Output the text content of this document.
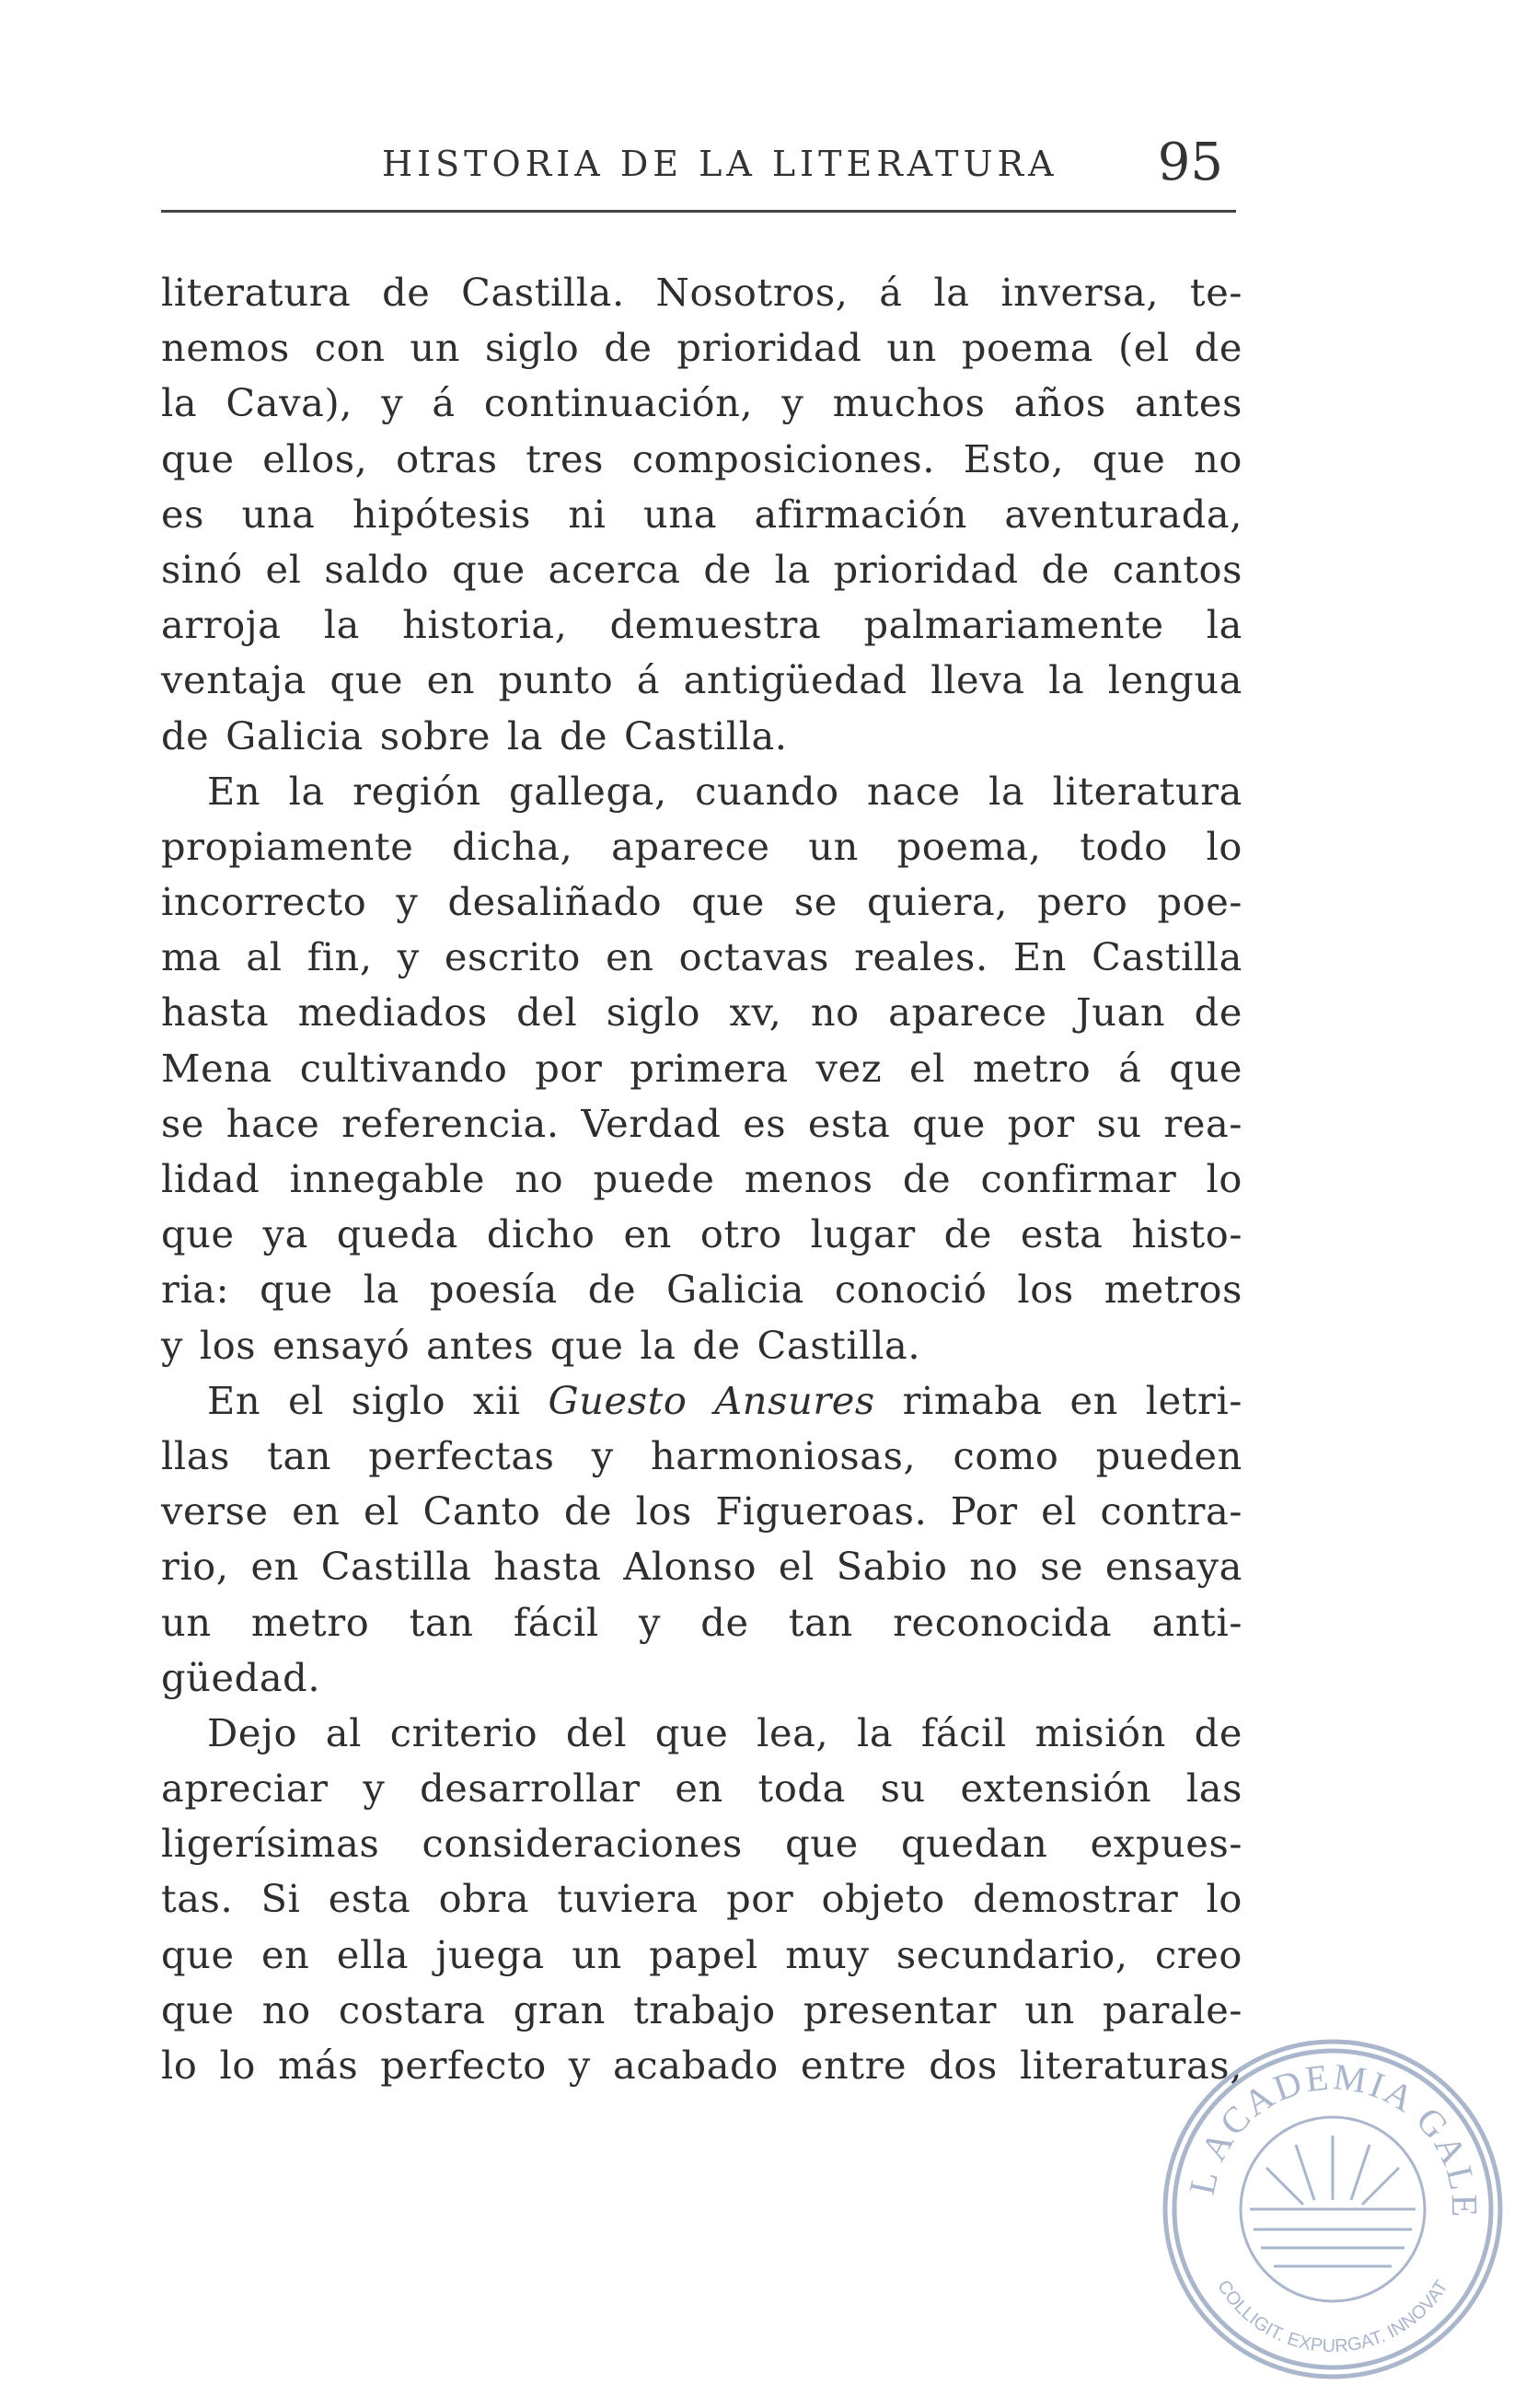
HISTORIA DE LA LITERATURA 95
literatura de Castilla. Nosotros, á la inversa, te-
nemos con un siglo de prioridad un poema (el de
la Cava), y á continuación, y muchos años antes
que ellos, otras tres composiciones. Esto, que no
es una hipótesis ni una afirmación aventurada,
sinó el saldo que acerca de la prioridad de cantos
arroja la historia, demuestra palmariamente la
ventaja que en punto á antigüedad lleva la lengua
de Galicia sobre la de Castilla.
En la región gallega, cuando nace la literatura
propiamente dicha, aparece un poema, todo lo
incorrecto y desaliñado que se quiera, pero poe-
ma al fin, y escrito en octavas reales. En Castilla
hasta mediados del siglo xv, no aparece Juan de
Mena cultivando por primera vez el metro á que
se hace referencia. Verdad es esta que por su rea-
lidad innegable no puede menos de confirmar lo
que ya queda dicho en otro lugar de esta histo-
ria: que la poesía de Galicia conoció los metros
y los ensayó antes que la de Castilla.
En el siglo xii Guesto Ansures rimaba en letri-
llas tan perfectas y harmoniosas, como pueden
verse en el Canto de los Figueroas. Por el contra-
rio, en Castilla hasta Alonso el Sabio no se ensaya
un metro tan fácil y de tan reconocida anti-
güedad.
Dejo al criterio del que lea, la fácil misión de
apreciar y desarrollar en toda su extensión las
ligerísimas consideraciones que quedan expues-
tas. Si esta obra tuviera por objeto demostrar lo
que en ella juega un papel muy secundario, creo
que no costara gran trabajo presentar un parale-
lo lo más perfecto y acabado entre dos literaturas,
L ACADEMIA GALE
COLLIGIT. EXPURGAT. INNOVAT
